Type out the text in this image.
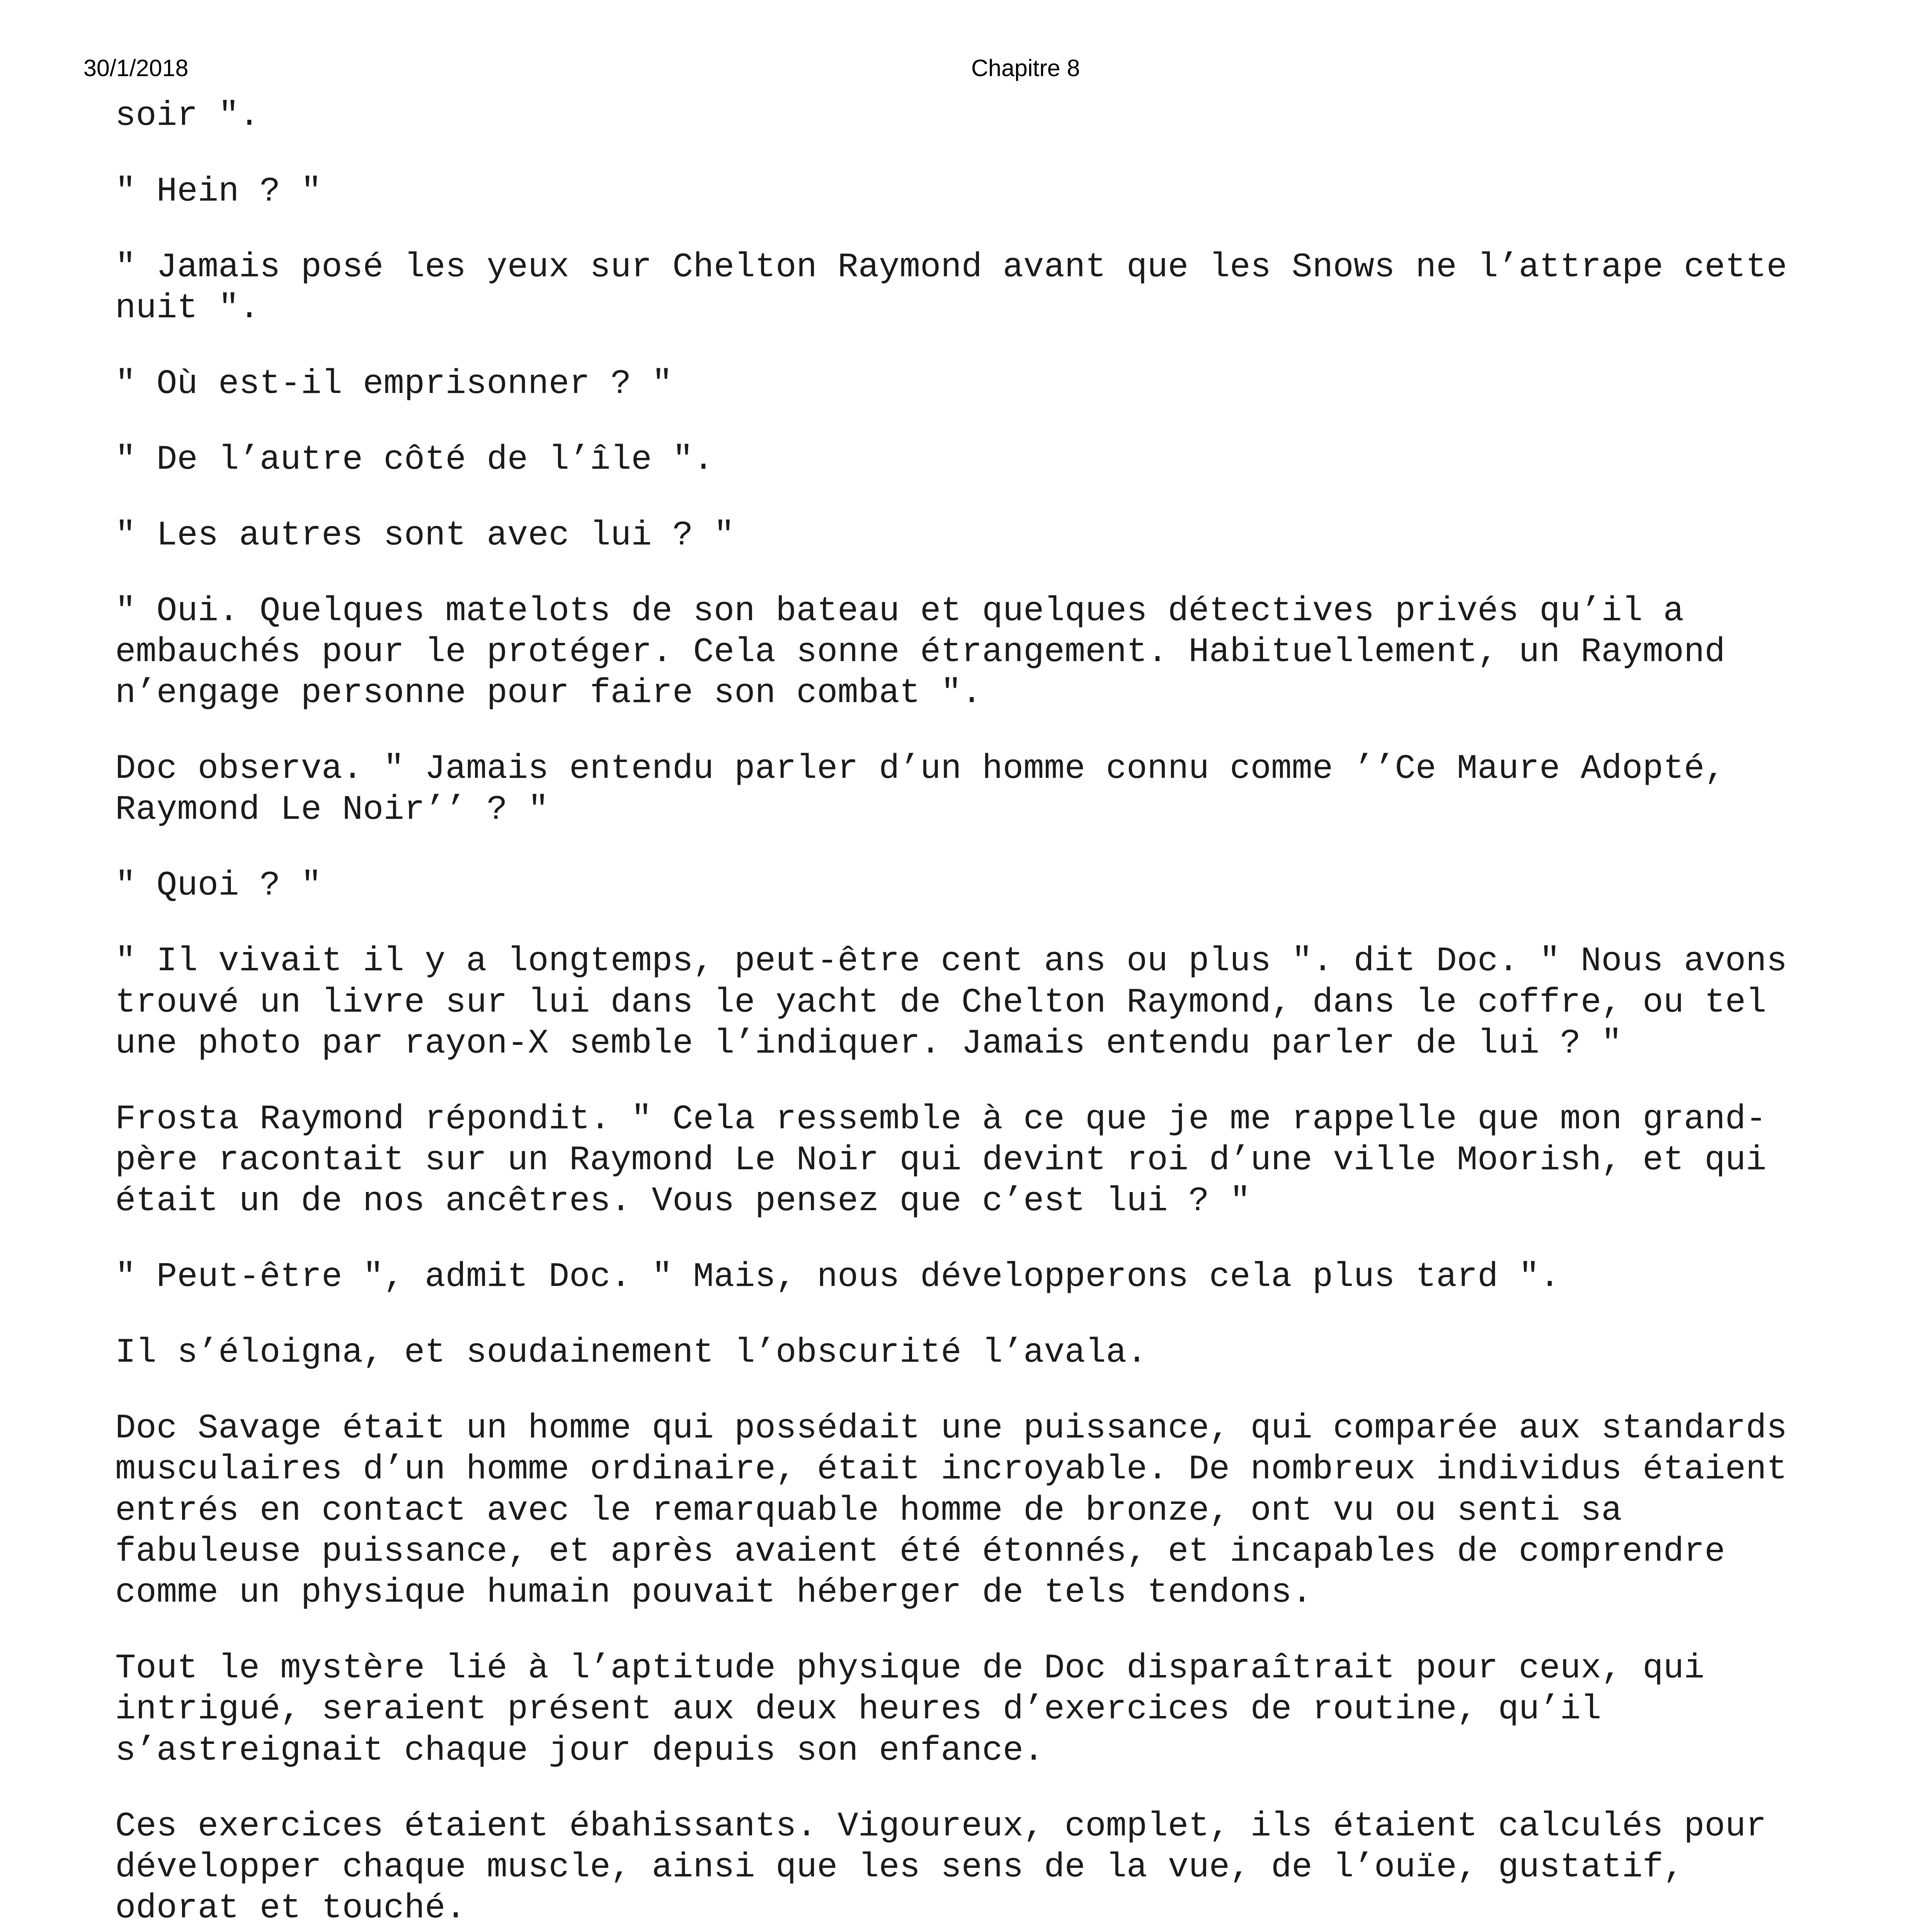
30/1/2018	Chapitre 8
soir ".
" Hein ? "
" Jamais posé les yeux sur Chelton Raymond avant que les Snows ne l’attrape cette
nuit ".
" Où est-il emprisonner ? "
" De l’autre côté de l’île ".
" Les autres sont avec lui ? "
" Oui. Quelques matelots de son bateau et quelques détectives privés qu’il a
embauchés pour le protéger. Cela sonne étrangement. Habituellement, un Raymond
n’engage personne pour faire son combat ".
Doc observa. " Jamais entendu parler d’un homme connu comme ’’Ce Maure Adopté,
Raymond Le Noir’’ ? "
" Quoi ? "
" Il vivait il y a longtemps, peut-être cent ans ou plus ". dit Doc. " Nous avons
trouvé un livre sur lui dans le yacht de Chelton Raymond, dans le coffre, ou tel
une photo par rayon-X semble l’indiquer. Jamais entendu parler de lui ? "
Frosta Raymond répondit. " Cela ressemble à ce que je me rappelle que mon grand-
père racontait sur un Raymond Le Noir qui devint roi d’une ville Moorish, et qui
était un de nos ancêtres. Vous pensez que c’est lui ? "
" Peut-être ", admit Doc. " Mais, nous développerons cela plus tard ".
Il s’éloigna, et soudainement l’obscurité l’avala.
Doc Savage était un homme qui possédait une puissance, qui comparée aux standards
musculaires d’un homme ordinaire, était incroyable. De nombreux individus étaient
entrés en contact avec le remarquable homme de bronze, ont vu ou senti sa
fabuleuse puissance, et après avaient été étonnés, et incapables de comprendre
comme un physique humain pouvait héberger de tels tendons.
Tout le mystère lié à l’aptitude physique de Doc disparaîtrait pour ceux, qui
intrigué, seraient présent aux deux heures d’exercices de routine, qu’il
s’astreignait chaque jour depuis son enfance.
Ces exercices étaient ébahissants. Vigoureux, complet, ils étaient calculés pour
développer chaque muscle, ainsi que les sens de la vue, de l’ouïe, gustatif,
odorat et touché.
